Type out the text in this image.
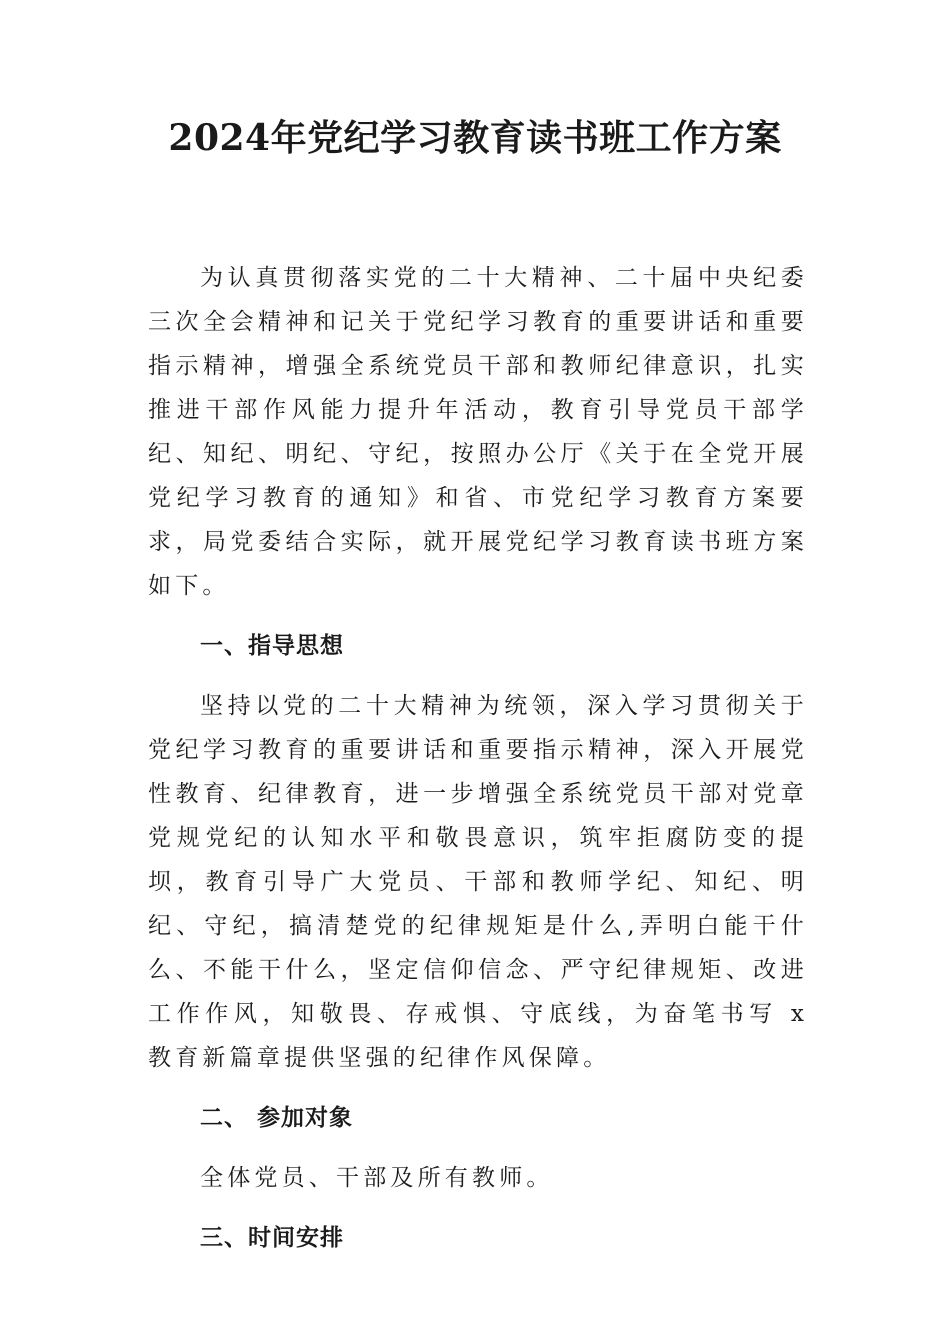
2024年党纪学习教育读书班工作方案

为认真贯彻落实党的二十大精神、二十届中央纪委三次全会精神和记关于党纪学习教育的重要讲话和重要指示精神，增强全系统党员干部和教师纪律意识，扎实推进干部作风能力提升年活动，教育引导党员干部学纪、知纪、明纪、守纪，按照办公厅《关于在全党开展党纪学习教育的通知》和省、市党纪学习教育方案要求，局党委结合实际，就开展党纪学习教育读书班方案如下。

一、指导思想

坚持以党的二十大精神为统领，深入学习贯彻关于党纪学习教育的重要讲话和重要指示精神，深入开展党性教育、纪律教育，进一步增强全系统党员干部对党章党规党纪的认知水平和敬畏意识，筑牢拒腐防变的提坝，教育引导广大党员、干部和教师学纪、知纪、明纪、守纪，搞清楚党的纪律规矩是什么,弄明白能干什么、不能干什么，坚定信仰信念、严守纪律规矩、改进工作作风，知敬畏、存戒惧、守底线，为奋笔书写 x 教育新篇章提供坚强的纪律作风保障。

二、 参加对象

全体党员、干部及所有教师。

三、时间安排
